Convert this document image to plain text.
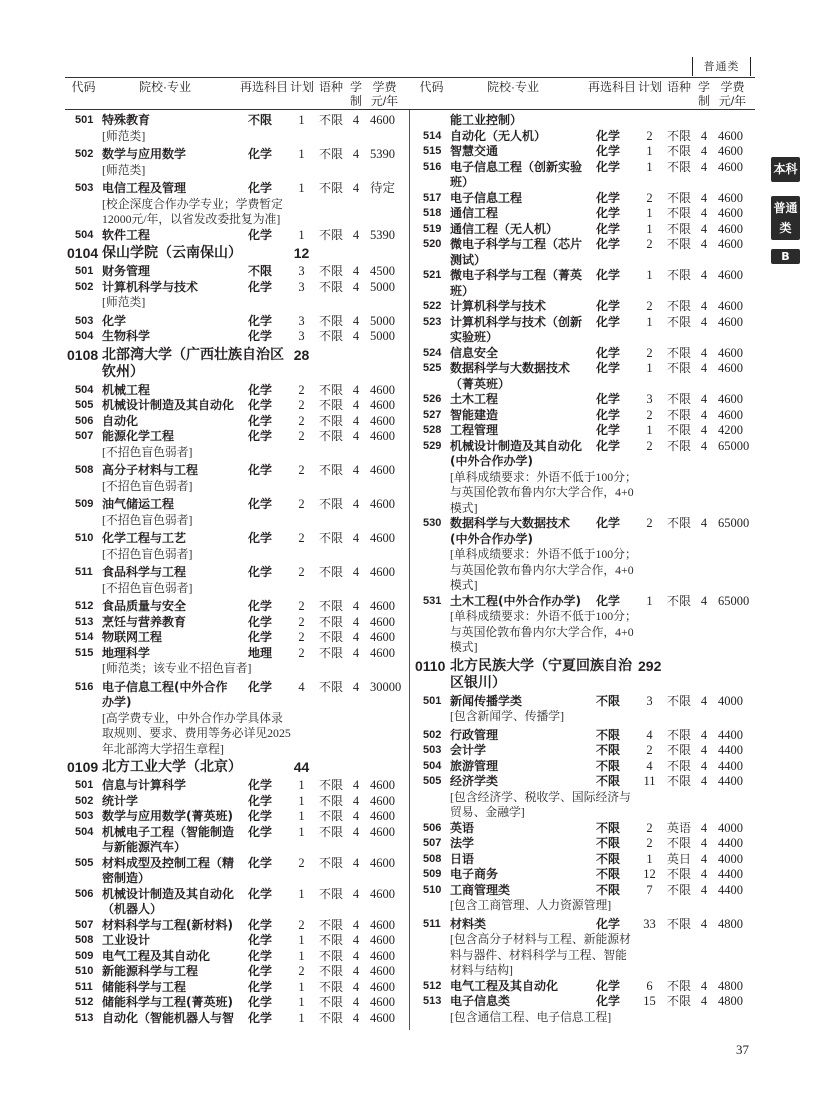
普通类
代码	院校·专业	再选科目 计划 语种 学制
学费
元/年
代码	院校·专业	再选科目 计划 语种 学制
学费
元/年
501 特殊教育	不限	1	不限 4 4600
[师范类]
502 数学与应用数学	化学	1	不限 4 5390
[师范类]
503 电信工程及管理	化学	1	不限 4 待定
[校企深度合作办学专业；学费暂定
12000元/年，以省发改委批复为准]
504 软件工程	化学	1	不限 4 5390
0104 保山学院（云南保山）	12
501 财务管理	不限	3	不限 4 4500
502 计算机科学与技术	化学	3	不限 4 5000
[师范类]
503 化学	化学	3	不限 4 5000
504 生物科学	化学	3	不限 4 5000
0108 北部湾大学（广西壮族自治区
钦州）
28
504 机械工程	化学	2	不限 4 4600
505 机械设计制造及其自动化	化学	2	不限 4 4600
506 自动化	化学	2	不限 4 4600
507 能源化学工程	化学	2	不限 4 4600
[不招色盲色弱者]
508 高分子材料与工程	化学	2	不限 4 4600
[不招色盲色弱者]
509 油气储运工程	化学	2	不限 4 4600
[不招色盲色弱者]
510 化学工程与工艺	化学	2	不限 4 4600
[不招色盲色弱者]
511 食品科学与工程	化学	2	不限 4 4600
[不招色盲色弱者]
512 食品质量与安全	化学	2	不限 4 4600
513 烹饪与营养教育	化学	2	不限 4 4600
514 物联网工程	化学	2	不限 4 4600
515 地理科学	地理	2	不限 4 4600
[师范类；该专业不招色盲者]
516 电子信息工程(中外合作
办学)
化学	4	不限 4 30000
[高学费专业，中外合作办学具体录
取规则、要求、费用等务必详见2025
年北部湾大学招生章程]
0109 北方工业大学（北京）	44
501 信息与计算科学	化学	1	不限 4 4600
502 统计学	化学	1	不限 4 4600
503 数学与应用数学(菁英班)	化学	1	不限 4 4600
504 机械电子工程（智能制造
与新能源汽车）
化学	1	不限 4 4600
505 材料成型及控制工程（精
密制造）
化学	2	不限 4 4600
506 机械设计制造及其自动化
（机器人）
化学	1	不限 4 4600
507 材料科学与工程(新材料)	化学	2	不限 4 4600
508 工业设计	化学	1	不限 4 4600
509 电气工程及其自动化	化学	1	不限 4 4600
510 新能源科学与工程	化学	2	不限 4 4600
511 储能科学与工程	化学	1	不限 4 4600
512 储能科学与工程(菁英班)	化学	1	不限 4 4600
513 自动化（智能机器人与智	化学	1	不限 4 4600
能工业控制）
514 自动化（无人机）	化学	2	不限 4 4600
515 智慧交通	化学	1	不限 4 4600
516 电子信息工程（创新实验
班）
化学	1	不限 4 4600
517 电子信息工程	化学	2	不限 4 4600
518 通信工程	化学	1	不限 4 4600
519 通信工程（无人机）	化学	1	不限 4 4600
520 微电子科学与工程（芯片
测试）
化学	2	不限 4 4600
521 微电子科学与工程（菁英
班）
化学	1	不限 4 4600
522 计算机科学与技术	化学	2	不限 4 4600
523 计算机科学与技术（创新
实验班）
化学	1	不限 4 4600
524 信息安全	化学	2	不限 4 4600
525 数据科学与大数据技术
（菁英班）
化学	1	不限 4 4600
526 土木工程	化学	3	不限 4 4600
527 智能建造	化学	2	不限 4 4600
528 工程管理	化学	1	不限 4 4200
529 机械设计制造及其自动化
(中外合作办学)
化学	2	不限 4 65000
[单科成绩要求：外语不低于100分；
与英国伦敦布鲁内尔大学合作，4+0
模式]
530 数据科学与大数据技术
(中外合作办学)
化学	2	不限 4 65000
[单科成绩要求：外语不低于100分；
与英国伦敦布鲁内尔大学合作，4+0
模式]
531 土木工程(中外合作办学)	化学	1	不限 4 65000
[单科成绩要求：外语不低于100分；
与英国伦敦布鲁内尔大学合作，4+0
模式]
0110 北方民族大学（宁夏回族自治
区银川）
292
501 新闻传播学类	不限	3	不限 4 4000
[包含新闻学、传播学]
502 行政管理	不限	4	不限 4 4400
503 会计学	不限	2	不限 4 4400
504 旅游管理	不限	4	不限 4 4400
505 经济学类	不限	11 不限 4 4400
[包含经济学、税收学、国际经济与
贸易、金融学]
506 英语	不限	2	英语 4 4000
507 法学	不限	2	不限 4 4400
508 日语	不限	1	英日 4 4000
509 电子商务	不限	12 不限 4 4400
510 工商管理类	不限	7	不限 4 4400
[包含工商管理、人力资源管理]
511 材料类	化学	33 不限 4 4800
[包含高分子材料与工程、新能源材
料与器件、材料科学与工程、智能
材料与结构]
512 电气工程及其自动化	化学	6	不限 4 4800
513 电子信息类	化学	15 不限 4 4800
[包含通信工程、电子信息工程]
本科
普通类
B
37
